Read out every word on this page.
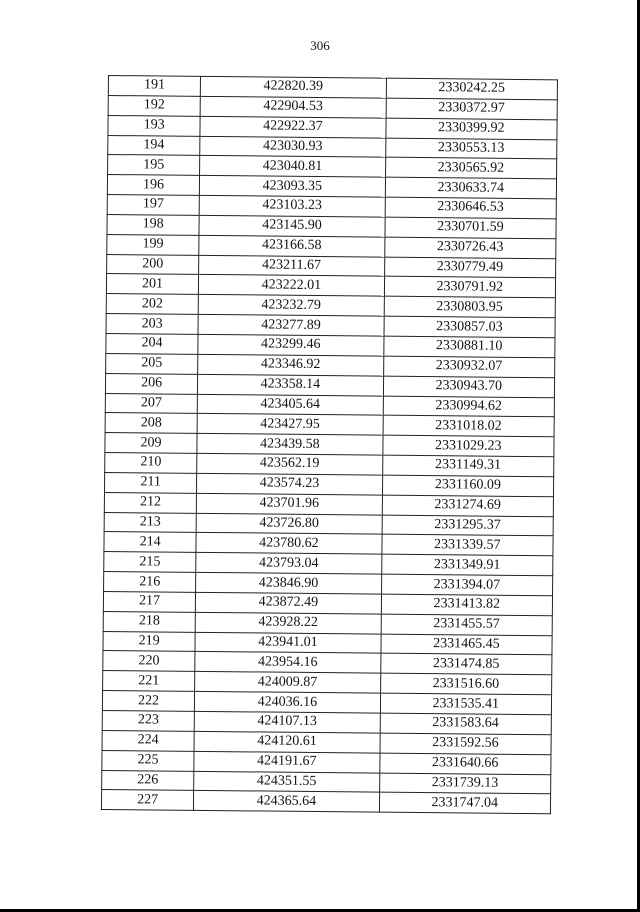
306
191	422820.39	2330242.25
192	422904.53	2330372.97
193	422922.37	2330399.92
194	423030.93	2330553.13
195	423040.81	2330565.92
196	423093.35	2330633.74
197	423103.23	2330646.53
198	423145.90	2330701.59
199	423166.58	2330726.43
200	423211.67	2330779.49
201	423222.01	2330791.92
202	423232.79	2330803.95
203	423277.89	2330857.03
204	423299.46	2330881.10
205	423346.92	2330932.07
206	423358.14	2330943.70
207	423405.64	2330994.62
208	423427.95	2331018.02
209	423439.58	2331029.23
210	423562.19	2331149.31
211	423574.23	2331160.09
212	423701.96	2331274.69
213	423726.80	2331295.37
214	423780.62	2331339.57
215	423793.04	2331349.91
216	423846.90	2331394.07
217	423872.49	2331413.82
218	423928.22	2331455.57
219	423941.01	2331465.45
220	423954.16	2331474.85
221	424009.87	2331516.60
222	424036.16	2331535.41
223	424107.13	2331583.64
224	424120.61	2331592.56
225	424191.67	2331640.66
226	424351.55	2331739.13
227	424365.64	2331747.04
